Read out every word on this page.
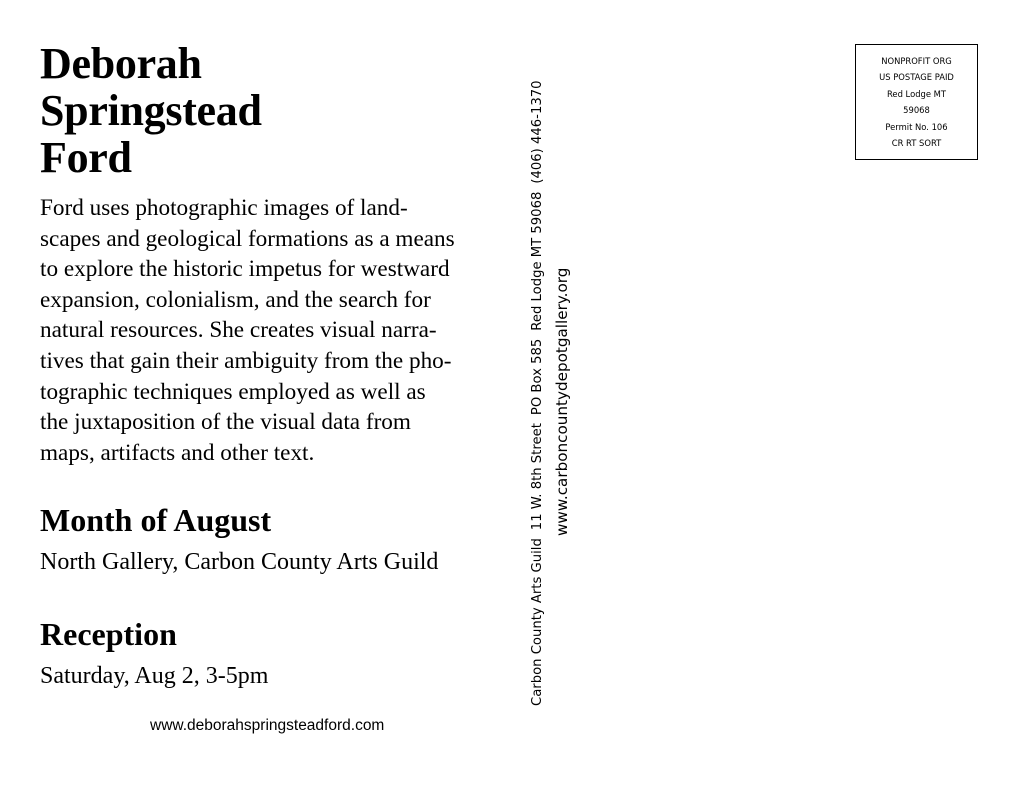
Deborah
Springstead
Ford

Ford uses photographic images of land-
scapes and geological formations as a means
to explore the historic impetus for westward
expansion, colonialism, and the search for
natural resources. She creates visual narra-
tives that gain their ambiguity from the pho-
tographic techniques employed as well as
the juxtaposition of the visual data from
maps, artifacts and other text.

Month of August

North Gallery, Carbon County Arts Guild

Reception

Saturday, Aug 2, 3-5pm

www.deborahspringsteadford.com
Carbon County Arts Guild11 W. 8th StreetPO Box 585Red Lodge MT 59068(406) 446-1370
www.carboncountydepotgallery.org
NONPROFIT ORG
US POSTAGE PAID
Red Lodge MT
59068
Permit No. 106
CR RT SORT
